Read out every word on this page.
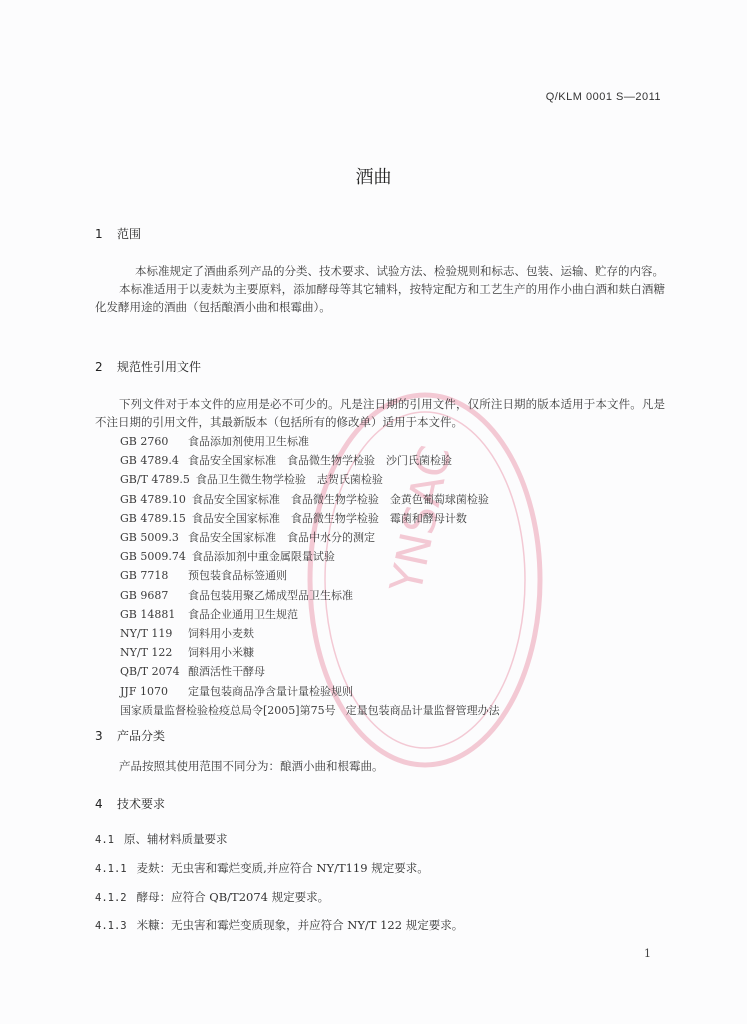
YNSAC
Q/KLM 0001 S—2011
酒曲
1 范围

本标准规定了酒曲系列产品的分类、技术要求、试验方法、检验规则和标志、包装、运输、贮存的内容。

本标准适用于以麦麸为主要原料，添加酵母等其它辅料，按特定配方和工艺生产的用作小曲白酒和麸白酒糖化发酵用途的酒曲（包括酿酒小曲和根霉曲）。

2 规范性引用文件

下列文件对于本文件的应用是必不可少的。凡是注日期的引用文件，仅所注日期的版本适用于本文件。凡是不注日期的引用文件，其最新版本（包括所有的修改单）适用于本文件。

GB 2760 食品添加剂使用卫生标准
GB 4789.4 食品安全国家标准　食品微生物学检验　沙门氏菌检验
GB/T 4789.5 食品卫生微生物学检验　志贺氏菌检验
GB 4789.10 食品安全国家标准　食品微生物学检验　金黄色葡萄球菌检验
GB 4789.15 食品安全国家标准　食品微生物学检验　霉菌和酵母计数
GB 5009.3 食品安全国家标准　食品中水分的测定
GB 5009.74 食品添加剂中重金属限量试验
GB 7718 预包装食品标签通则
GB 9687 食品包装用聚乙烯成型品卫生标准
GB 14881 食品企业通用卫生规范
NY/T 119 饲料用小麦麸
NY/T 122 饲料用小米糠
QB/T 2074 酿酒活性干酵母
JJF 1070 定量包装商品净含量计量检验规则
国家质量监督检验检疫总局令[2005]第75号 定量包装商品计量监督管理办法
3 产品分类

产品按照其使用范围不同分为：酿酒小曲和根霉曲。

4 技术要求
4.1 原、辅材料质量要求
4.1.1 麦麸：无虫害和霉烂变质,并应符合 NY/T119 规定要求。
4.1.2 酵母：应符合 QB/T2074 规定要求。
4.1.3 米糠：无虫害和霉烂变质现象，并应符合 NY/T 122 规定要求。
1
